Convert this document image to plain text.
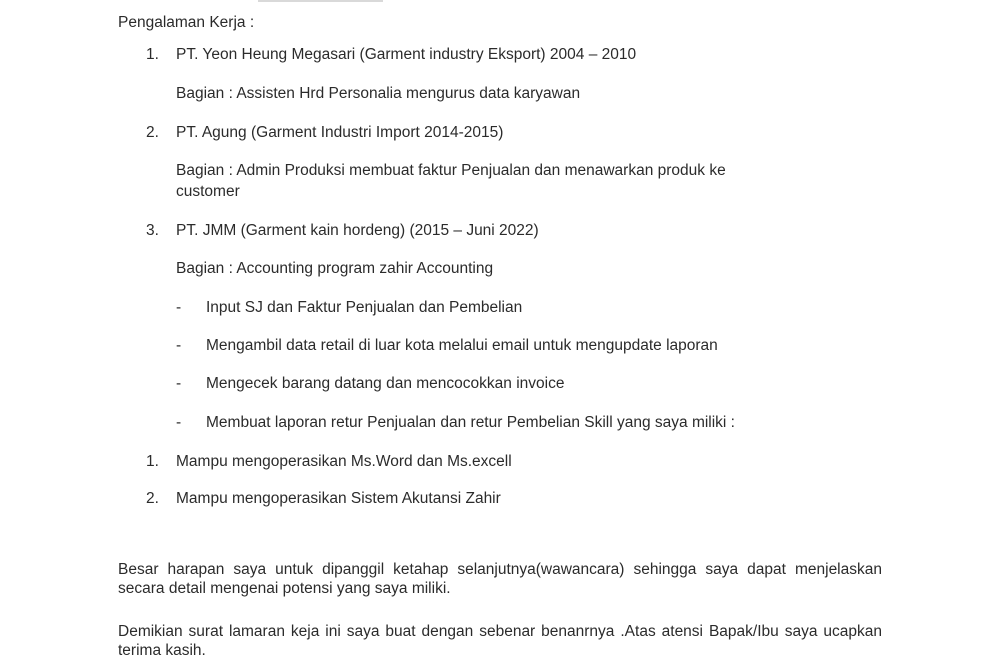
Pengalaman Kerja :
1.	PT. Yeon Heung Megasari (Garment industry Eksport) 2004 – 2010
Bagian : Assisten Hrd Personalia mengurus data karyawan
2.	PT. Agung (Garment Industri Import 2014-2015)
Bagian : Admin Produksi membuat faktur Penjualan dan menawarkan produk ke
customer
3.	PT. JMM (Garment kain hordeng) (2015 – Juni 2022)
Bagian : Accounting program zahir Accounting
-	Input SJ dan Faktur Penjualan dan Pembelian
-	Mengambil data retail di luar kota melalui email untuk mengupdate laporan
-	Mengecek barang datang dan mencocokkan invoice
-	Membuat laporan retur Penjualan dan retur Pembelian Skill yang saya miliki :
1.	Mampu mengoperasikan Ms.Word dan Ms.excell
2.	Mampu mengoperasikan Sistem Akutansi Zahir
Besar harapan saya untuk dipanggil ketahap selanjutnya(wawancara) sehingga saya dapat menjelaskan secara detail mengenai potensi yang saya miliki.
Demikian surat lamaran keja ini saya buat dengan sebenar benanrnya .Atas atensi Bapak/Ibu saya ucapkan terima kasih.
